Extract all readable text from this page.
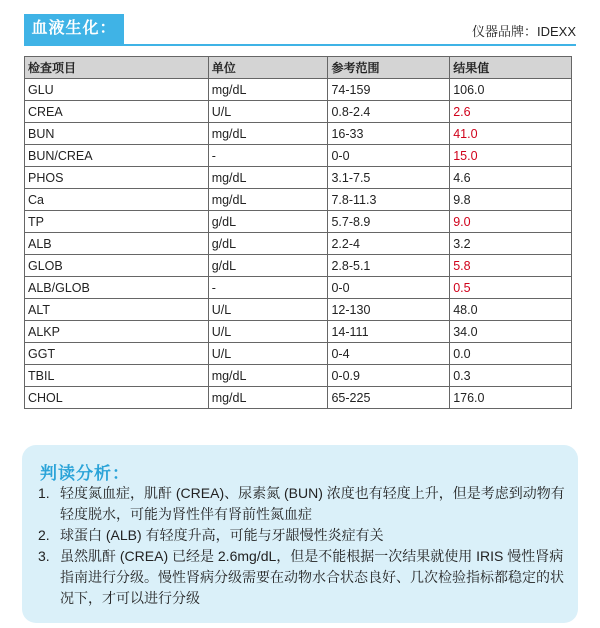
血液生化：	仪器品牌：IDEXX
检查项目	单位	参考范围	结果值
GLU	mg/dL	74-159	106.0
CREA	U/L	0.8-2.4	2.6
BUN	mg/dL	16-33	41.0
BUN/CREA	-	0-0	15.0
PHOS	mg/dL	3.1-7.5	4.6
Ca	mg/dL	7.8-11.3	9.8
TP	g/dL	5.7-8.9	9.0
ALB	g/dL	2.2-4	3.2
GLOB	g/dL	2.8-5.1	5.8
ALB/GLOB	-	0-0	0.5
ALT	U/L	12-130	48.0
ALKP	U/L	14-111	34.0
GGT	U/L	0-4	0.0
TBIL	mg/dL	0-0.9	0.3
CHOL	mg/dL	65-225	176.0
判读分析：
1. 轻度氮血症，肌酐 (CREA)、尿素氮 (BUN) 浓度也有轻度上升，但是考虑到动物有轻度脱水，可能为肾性伴有肾前性氮血症
2. 球蛋白 (ALB) 有轻度升高，可能与牙龈慢性炎症有关
3. 虽然肌酐 (CREA) 已经是 2.6mg/dL，但是不能根据一次结果就使用 IRIS 慢性肾病指南进行分级。慢性肾病分级需要在动物水合状态良好、几次检验指标都稳定的状况下，才可以进行分级
